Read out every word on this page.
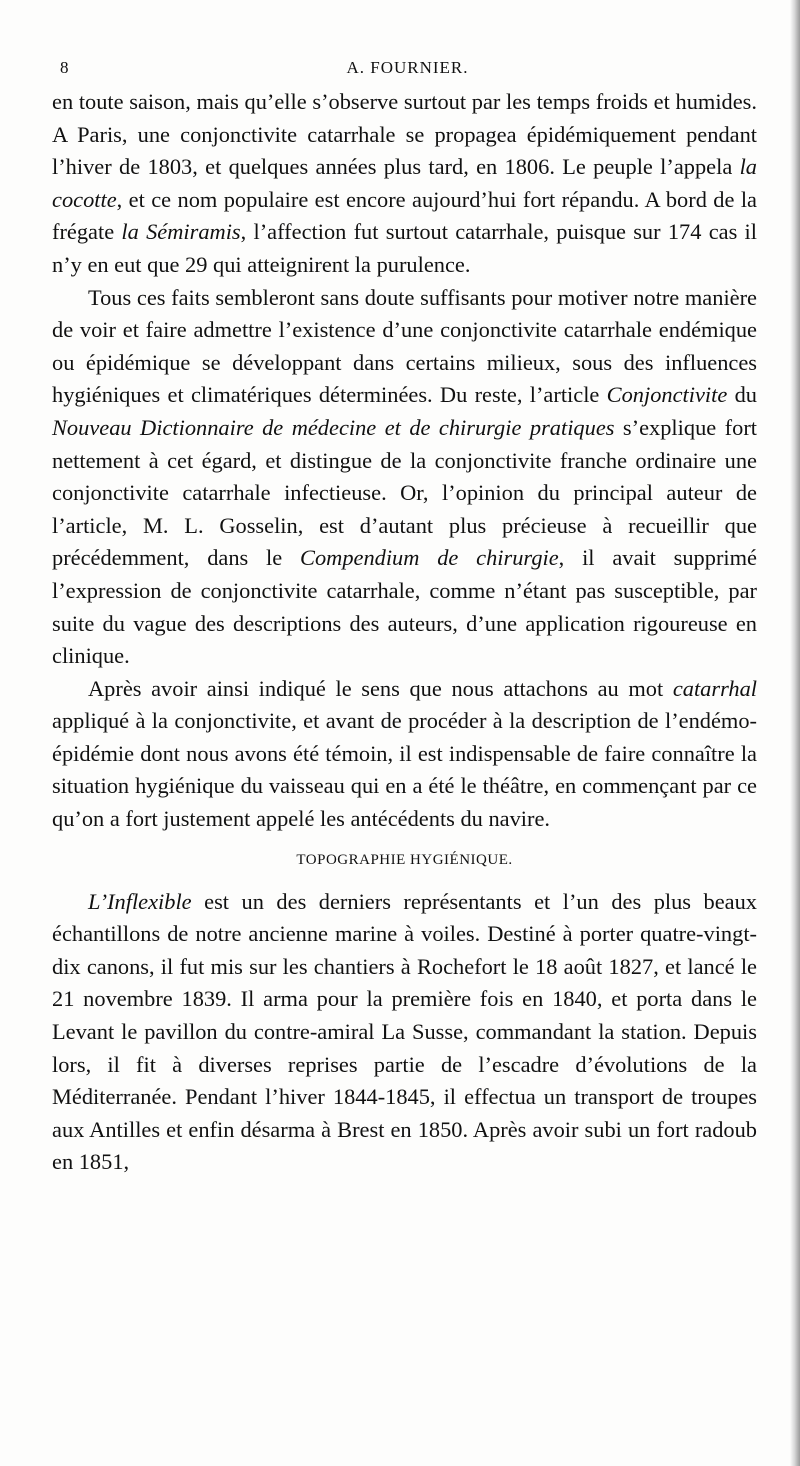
8	A. FOURNIER.

en toute saison, mais qu’elle s’observe surtout par les temps froids et humides. A Paris, une conjonctivite catarrhale se propagea épidémiquement pendant l’hiver de 1803, et quelques années plus tard, en 1806. Le peuple l’appela la cocotte, et ce nom populaire est encore aujourd’hui fort répandu. A bord de la frégate la Sémiramis, l’affection fut surtout catarrhale, puisque sur 174 cas il n’y en eut que 29 qui atteignirent la purulence.

Tous ces faits sembleront sans doute suffisants pour motiver notre manière de voir et faire admettre l’existence d’une conjonctivite catarrhale endémique ou épidémique se développant dans certains milieux, sous des influences hygiéniques et climatériques déterminées. Du reste, l’article Conjonctivite du Nouveau Dictionnaire de médecine et de chirurgie pratiques s’explique fort nettement à cet égard, et distingue de la conjonctivite franche ordinaire une conjonctivite catarrhale infectieuse. Or, l’opinion du principal auteur de l’article, M. L. Gosselin, est d’autant plus précieuse à recueillir que précédemment, dans le Compendium de chirurgie, il avait supprimé l’expression de conjonctivite catarrhale, comme n’étant pas susceptible, par suite du vague des descriptions des auteurs, d’une application rigoureuse en clinique.

Après avoir ainsi indiqué le sens que nous attachons au mot catarrhal appliqué à la conjonctivite, et avant de procéder à la description de l’endémo-épidémie dont nous avons été témoin, il est indispensable de faire connaître la situation hygiénique du vaisseau qui en a été le théâtre, en commençant par ce qu’on a fort justement appelé les antécédents du navire.

TOPOGRAPHIE HYGIÉNIQUE.

L’Inflexible est un des derniers représentants et l’un des plus beaux échantillons de notre ancienne marine à voiles. Destiné à porter quatre-vingt-dix canons, il fut mis sur les chantiers à Rochefort le 18 août 1827, et lancé le 21 novembre 1839. Il arma pour la première fois en 1840, et porta dans le Levant le pavillon du contre-amiral La Susse, commandant la station. Depuis lors, il fit à diverses reprises partie de l’escadre d’évolutions de la Méditerranée. Pendant l’hiver 1844-1845, il effectua un transport de troupes aux Antilles et enfin désarma à Brest en 1850. Après avoir subi un fort radoub en 1851,
